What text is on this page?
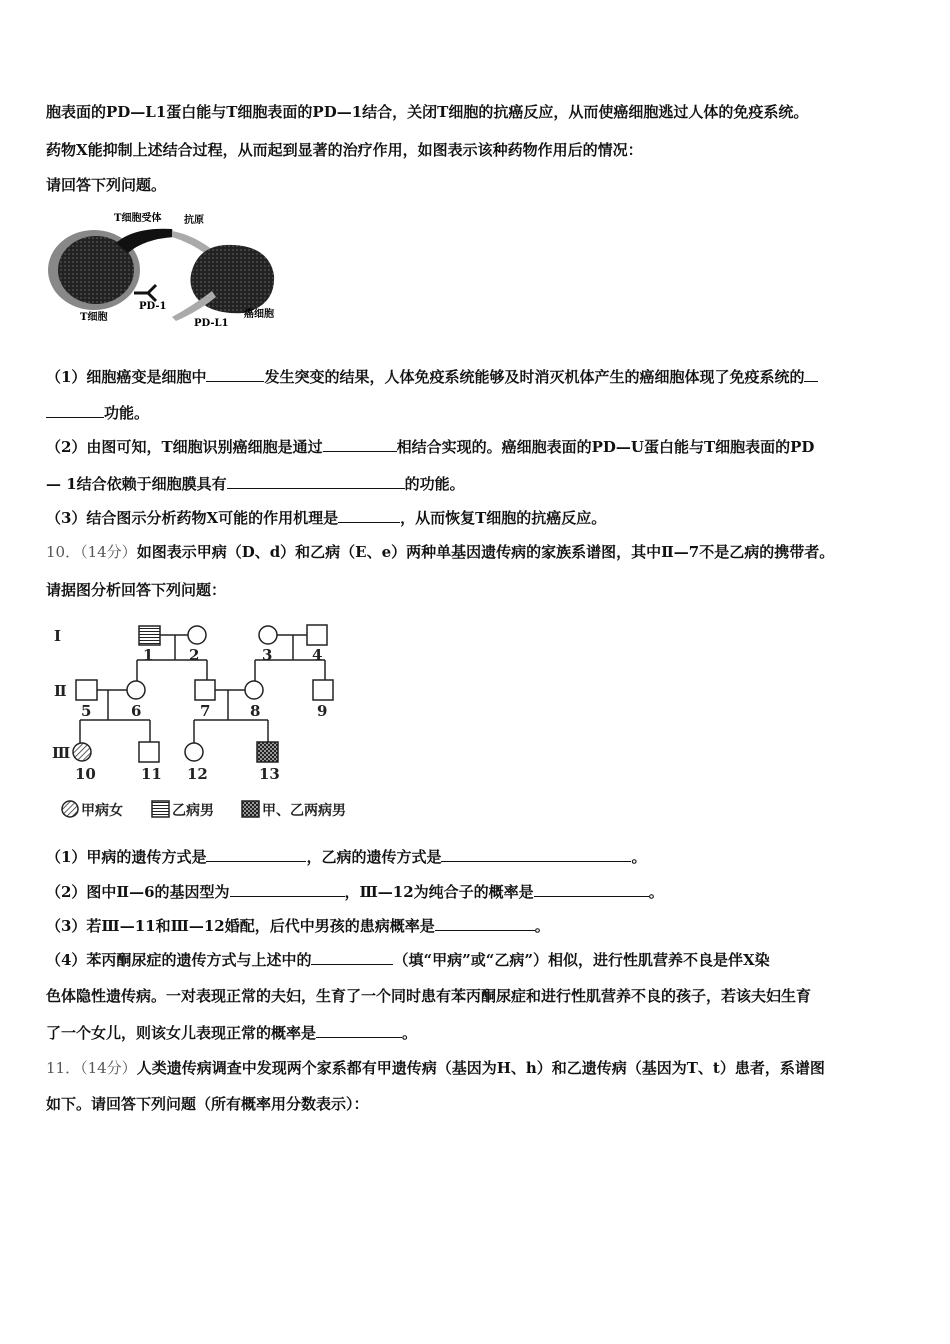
胞表面的PD—L1蛋白能与T细胞表面的PD—1结合，关闭T细胞的抗癌反应，从而使癌细胞逃过人体的免疫系统。
药物X能抑制上述结合过程，从而起到显著的治疗作用，如图表示该种药物作用后的情况：
请回答下列问题。
T细胞受体 抗原
PD-1
T细胞
PD-L1
癌细胞
（1）细胞癌变是细胞中	发生突变的结果，人体免疫系统能够及时消灭机体产生的癌细胞体现了免疫系统的
功能。
（2）由图可知，T细胞识别癌细胞是通过	相结合实现的。癌细胞表面的PD—U蛋白能与T细胞表面的PD
— 1结合依赖于细胞膜具有	的功能。
（3）结合图示分析药物X可能的作用机理是	，从而恢复T细胞的抗癌反应。
10．（14分）如图表示甲病（D、d）和乙病（E、e）两种单基因遗传病的家族系谱图，其中Ⅱ—7不是乙病的携带者。
请据图分析回答下列问题：
Ⅰ
Ⅱ
Ⅲ
1 2	3	4
5	6	7	8	9
10	11 12	13
甲病女	乙病男	甲、乙两病男
（1）甲病的遗传方式是	，乙病的遗传方式是	。
（2）图中Ⅱ—6的基因型为	，Ⅲ—12为纯合子的概率是	。
（3）若Ⅲ—11和Ⅲ—12婚配，后代中男孩的患病概率是	。
（4）苯丙酮尿症的遗传方式与上述中的	（填“甲病”或“乙病”）相似，进行性肌营养不良是伴X染
色体隐性遗传病。一对表现正常的夫妇，生育了一个同时患有苯丙酮尿症和进行性肌营养不良的孩子，若该夫妇生育
了一个女儿，则该女儿表现正常的概率是	。
11．（14分）人类遗传病调查中发现两个家系都有甲遗传病（基因为H、h）和乙遗传病（基因为T、t）患者，系谱图
如下。请回答下列问题（所有概率用分数表示）：
